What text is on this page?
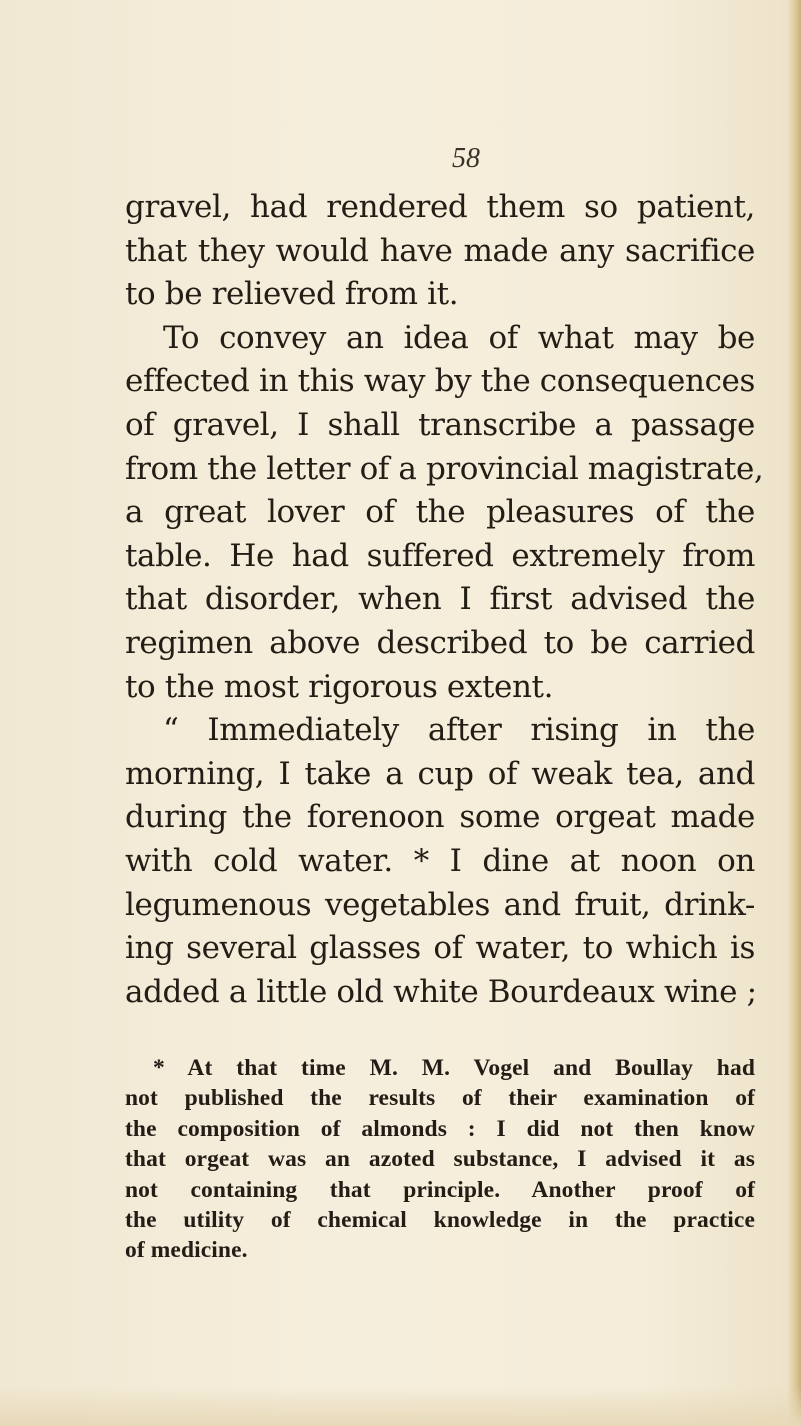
58

gravel, had rendered them so patient,
that they would have made any sacrifice
to be relieved from it.
To convey an idea of what may be
effected in this way by the consequences
of gravel, I shall transcribe a passage
from the letter of a provincial magistrate,
a great lover of the pleasures of the
table. He had suffered extremely from
that disorder, when I first advised the
regimen above described to be carried
to the most rigorous extent.
“ Immediately after rising in the
morning, I take a cup of weak tea, and
during the forenoon some orgeat made
with cold water. * I dine at noon on
legumenous vegetables and fruit, drink-
ing several glasses of water, to which is
added a little old white Bourdeaux wine ;
* At that time M. M. Vogel and Boullay had
not published the results of their examination of
the composition of almonds : I did not then know
that orgeat was an azoted substance, I advised it as
not containing that principle. Another proof of
the utility of chemical knowledge in the practice
of medicine.
